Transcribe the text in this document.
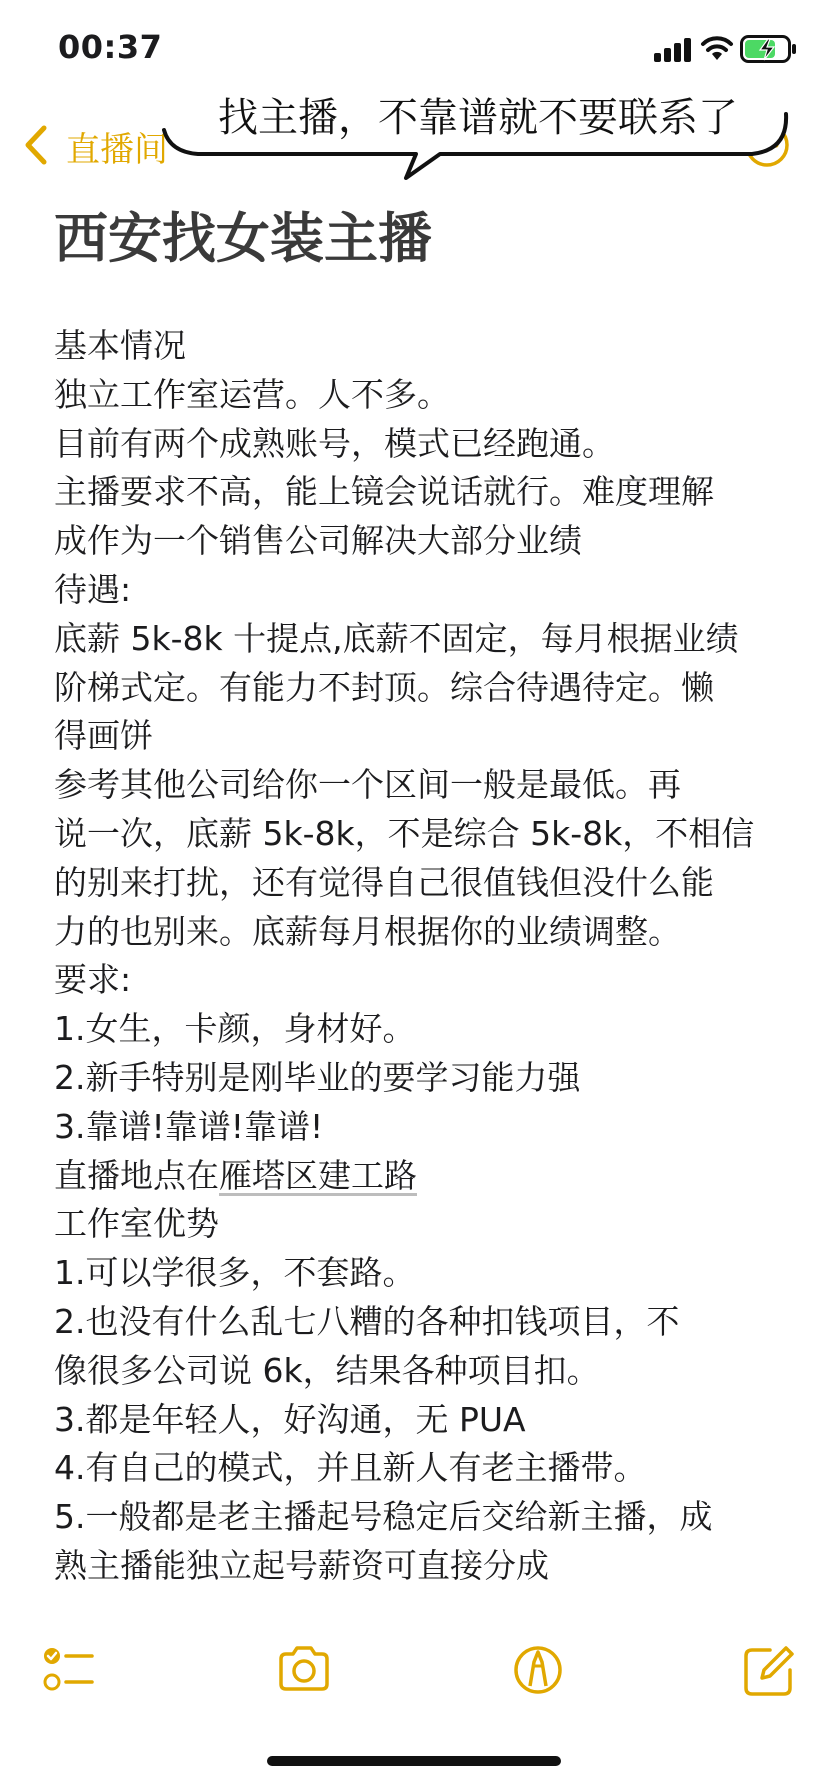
00:37
直播间
找主播，不靠谱就不要联系了
西安找女装主播
基本情况
独立工作室运营。人不多。
目前有两个成熟账号，模式已经跑通。
主播要求不高，能上镜会说话就行。难度理解
成作为一个销售公司解决大部分业绩
待遇:
底薪 5k-8k 十提点,底薪不固定，每月根据业绩
阶梯式定。有能力不封顶。综合待遇待定。懒
得画饼
参考其他公司给你一个区间一般是最低。再
说一次，底薪 5k-8k，不是综合 5k-8k，不相信
的别来打扰，还有觉得自己很值钱但没什么能
力的也别来。底薪每月根据你的业绩调整。
要求:
1.女生，卡颜，身材好。
2.新手特别是刚毕业的要学习能力强
3.靠谱!靠谱!靠谱!
直播地点在雁塔区建工路
工作室优势
1.可以学很多，不套路。
2.也没有什么乱七八糟的各种扣钱项目，不
像很多公司说 6k，结果各种项目扣。
3.都是年轻人，好沟通，无 PUA
4.有自己的模式，并且新人有老主播带。
5.一般都是老主播起号稳定后交给新主播，成
熟主播能独立起号薪资可直接分成
